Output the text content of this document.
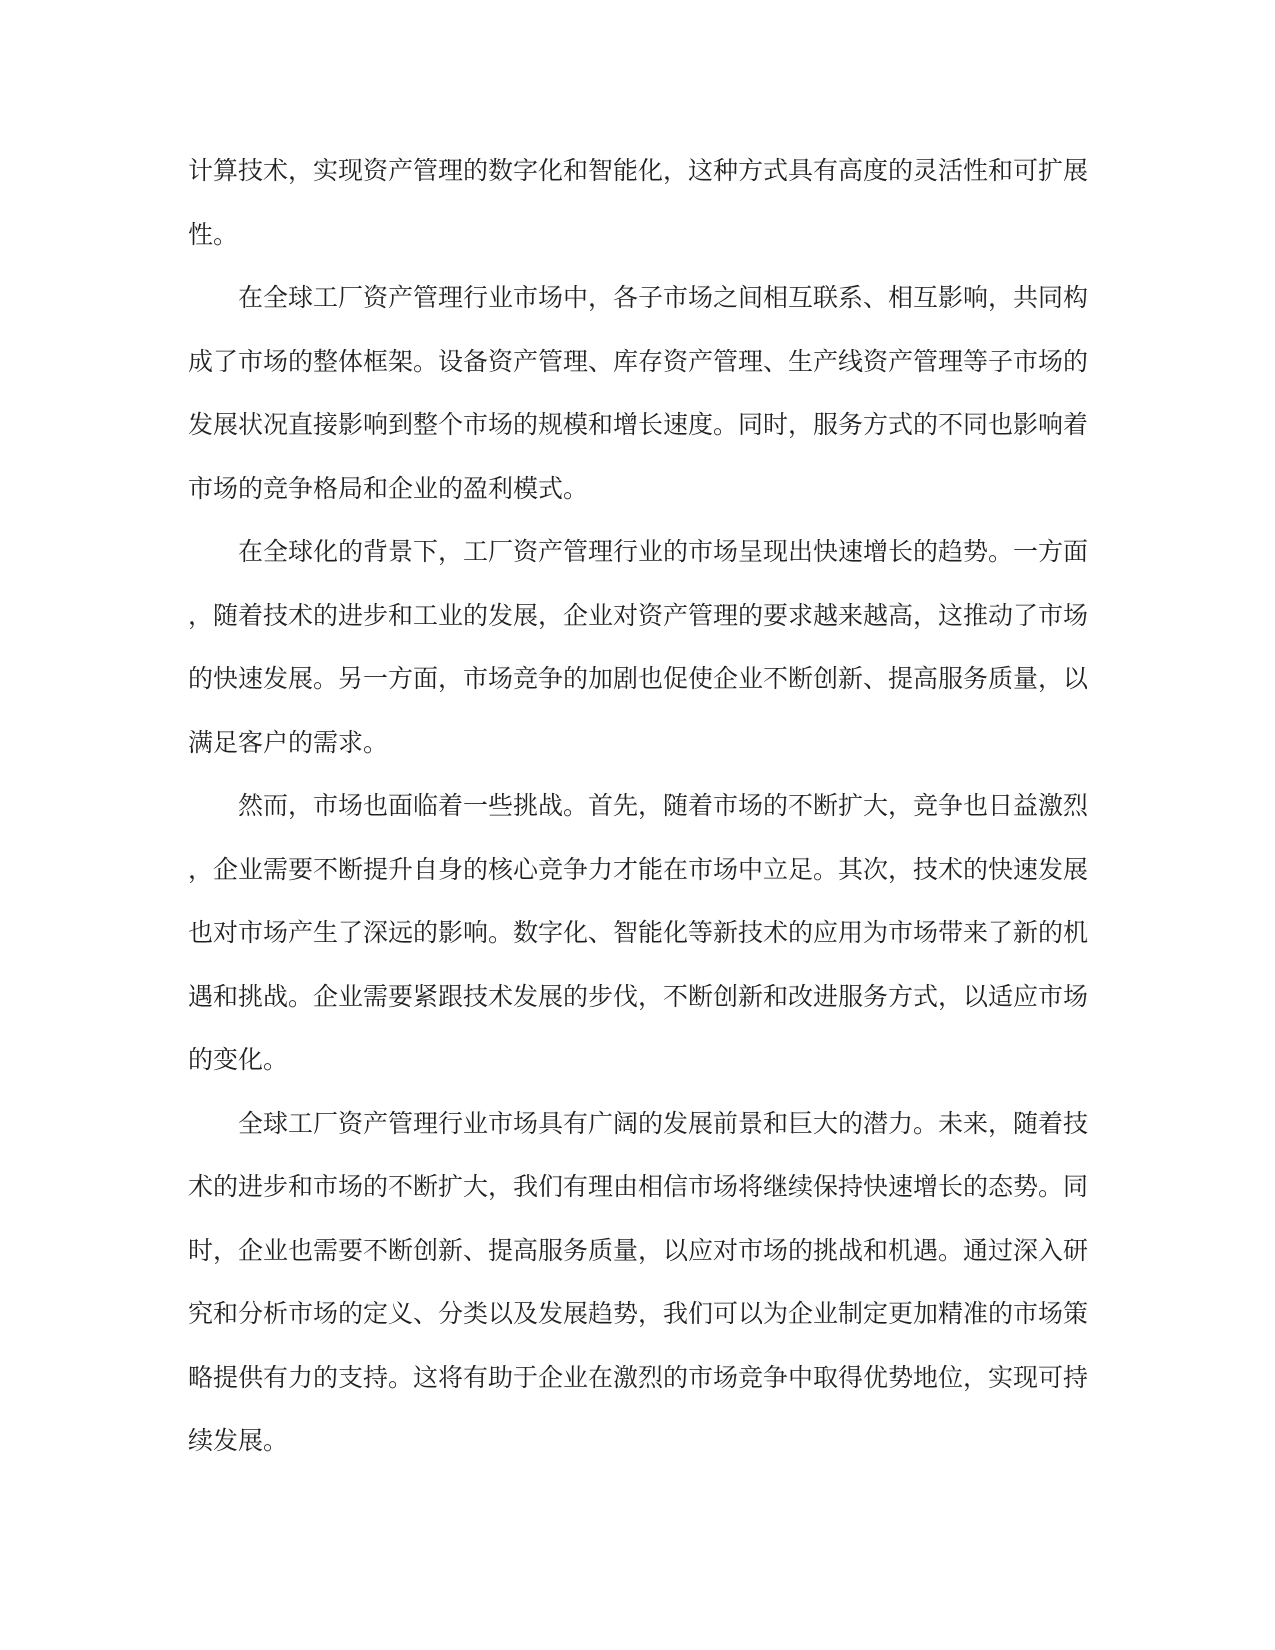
计算技术，实现资产管理的数字化和智能化，这种方式具有高度的灵活性和可扩展
性。
在全球工厂资产管理行业市场中，各子市场之间相互联系、相互影响，共同构
成了市场的整体框架。设备资产管理、库存资产管理、生产线资产管理等子市场的
发展状况直接影响到整个市场的规模和增长速度。同时，服务方式的不同也影响着
市场的竞争格局和企业的盈利模式。
在全球化的背景下，工厂资产管理行业的市场呈现出快速增长的趋势。一方面
，随着技术的进步和工业的发展，企业对资产管理的要求越来越高，这推动了市场
的快速发展。另一方面，市场竞争的加剧也促使企业不断创新、提高服务质量，以
满足客户的需求。
然而，市场也面临着一些挑战。首先，随着市场的不断扩大，竞争也日益激烈
，企业需要不断提升自身的核心竞争力才能在市场中立足。其次，技术的快速发展
也对市场产生了深远的影响。数字化、智能化等新技术的应用为市场带来了新的机
遇和挑战。企业需要紧跟技术发展的步伐，不断创新和改进服务方式，以适应市场
的变化。
全球工厂资产管理行业市场具有广阔的发展前景和巨大的潜力。未来，随着技
术的进步和市场的不断扩大，我们有理由相信市场将继续保持快速增长的态势。同
时，企业也需要不断创新、提高服务质量，以应对市场的挑战和机遇。通过深入研
究和分析市场的定义、分类以及发展趋势，我们可以为企业制定更加精准的市场策
略提供有力的支持。这将有助于企业在激烈的市场竞争中取得优势地位，实现可持
续发展。
